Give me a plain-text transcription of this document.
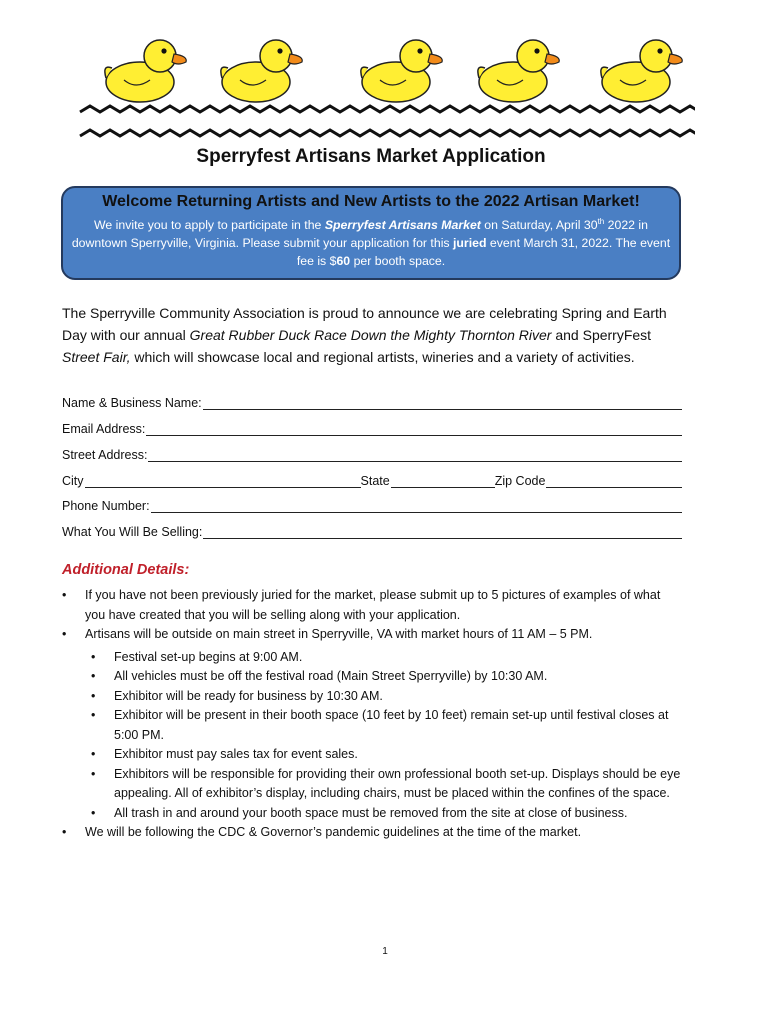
Sperryfest Artisans Market Application
Welcome Returning Artists and New Artists to the 2022 Artisan Market!
We invite you to apply to participate in the Sperryfest Artisans Market on Saturday, April 30th 2022 in downtown Sperryville, Virginia. Please submit your application for this juried event March 31, 2022. The event fee is $60 per booth space.
The Sperryville Community Association is proud to announce we are celebrating Spring and Earth Day with our annual Great Rubber Duck Race Down the Mighty Thornton River and SperryFest Street Fair, which will showcase local and regional artists, wineries and a variety of activities.
Name & Business Name:
Email Address:
Street Address:
City	State	Zip Code
Phone Number:
What You Will Be Selling:
Additional Details:
• If you have not been previously juried for the market, please submit up to 5 pictures of examples of what you have created that you will be selling along with your application.
• Artisans will be outside on main street in Sperryville, VA with market hours of 11 AM – 5 PM.
• Festival set-up begins at 9:00 AM.
• All vehicles must be off the festival road (Main Street Sperryville) by 10:30 AM.
• Exhibitor will be ready for business by 10:30 AM.
• Exhibitor will be present in their booth space (10 feet by 10 feet) remain set-up until festival closes at 5:00 PM.
• Exhibitor must pay sales tax for event sales.
• Exhibitors will be responsible for providing their own professional booth set-up. Displays should be eye appealing. All of exhibitor’s display, including chairs, must be placed within the confines of the space.
• All trash in and around your booth space must be removed from the site at close of business.
• We will be following the CDC & Governor’s pandemic guidelines at the time of the market.
1
